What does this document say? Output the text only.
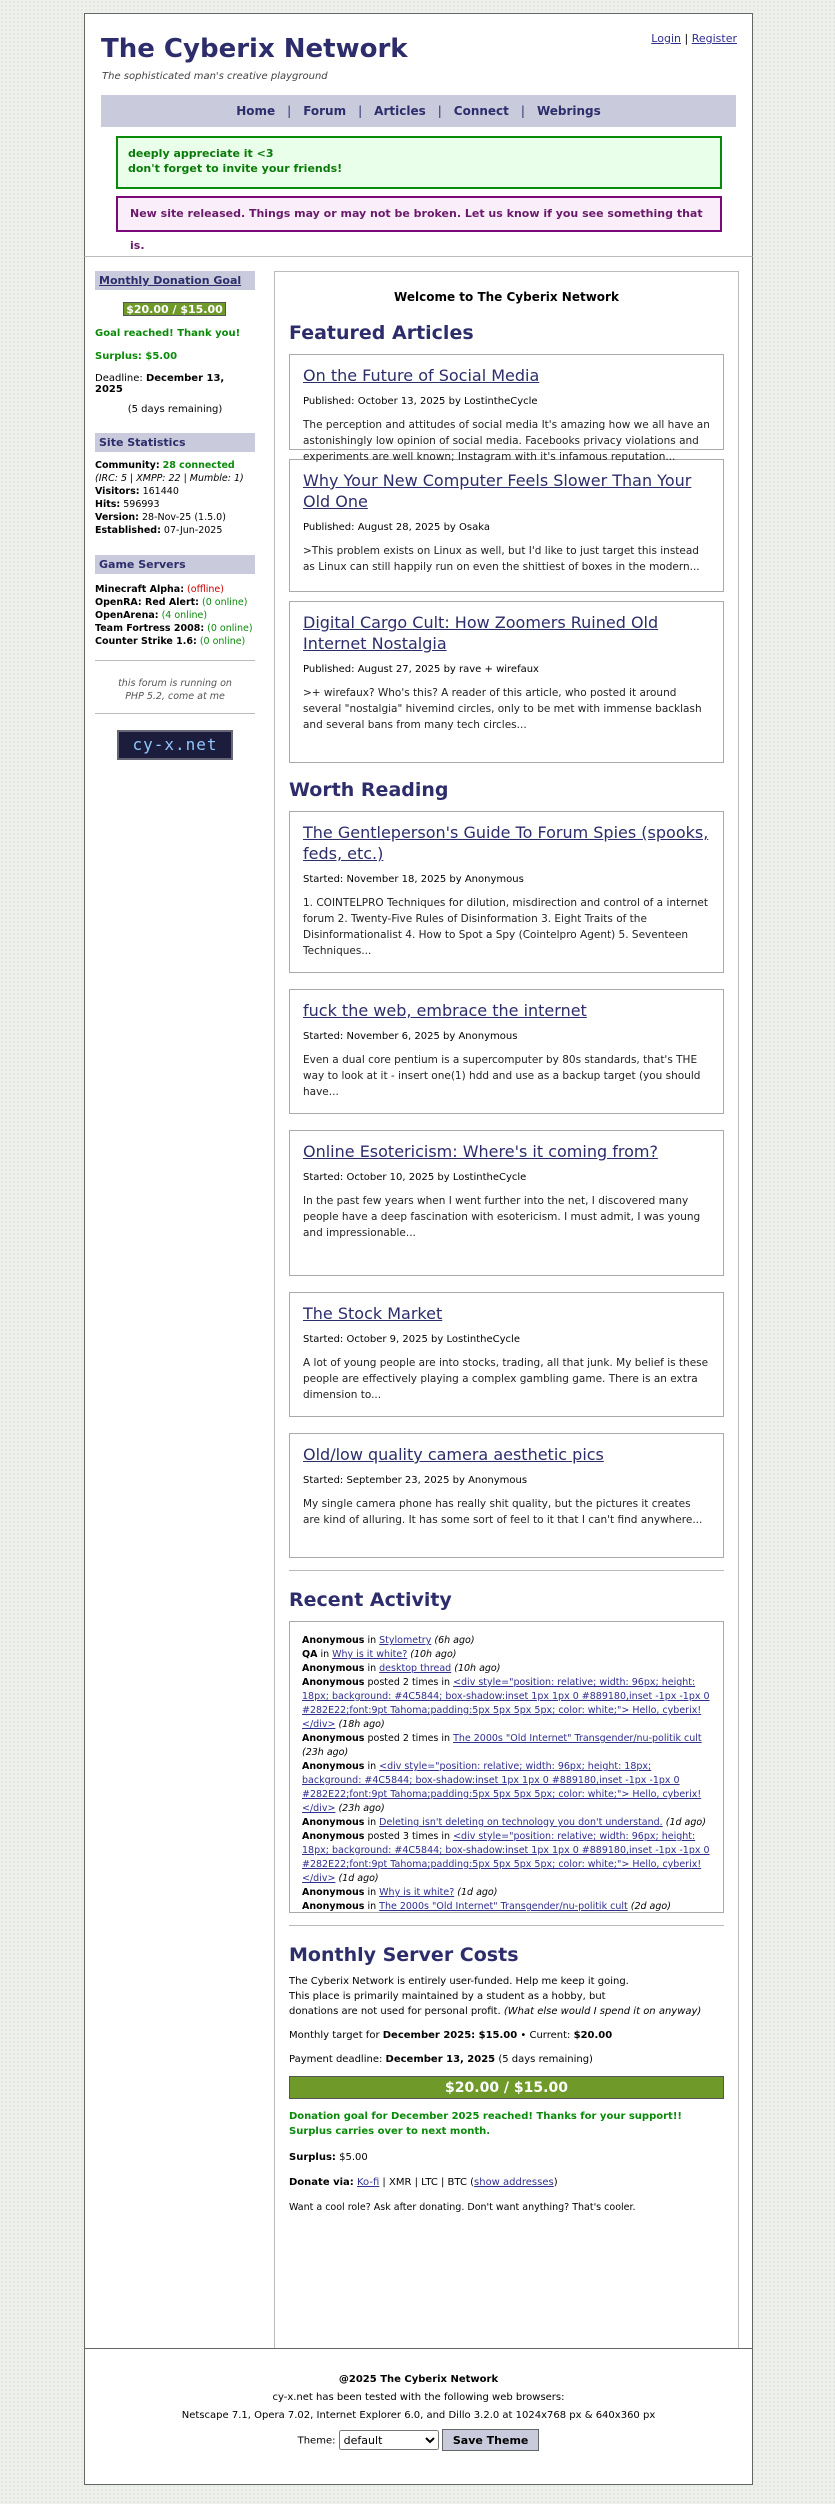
The Cyberix Network
The sophisticated man's creative playground
Login | Register
Home | Forum | Articles | Connect | Webrings
deeply appreciate it <3
don't forget to invite your friends!
New site released. Things may or may not be broken. Let us know if you see something that is.
Monthly Donation Goal
$20.00 / $15.00

Goal reached! Thank you!

Surplus: $5.00

Deadline: December 13, 2025

(5 days remaining)

Site Statistics
Community: 28 connected
(IRC: 5 | XMPP: 22 | Mumble: 1)
Visitors: 161440
Hits: 596993
Version: 28-Nov-25 (1.5.0)
Established: 07-Jun-2025
Game Servers
Minecraft Alpha: (offline)
OpenRA: Red Alert: (0 online)
OpenArena: (4 online)
Team Fortress 2008: (0 online)
Counter Strike 1.6: (0 online)
this forum is running on PHP 5.2, come at me
cy-x.net
Welcome to The Cyberix Network
Featured Articles
On the Future of Social Media
Published: October 13, 2025 by LostintheCycle
The perception and attitudes of social media It's amazing how we all have an astonishingly low opinion of social media. Facebooks privacy violations and experiments are well known; Instagram with it's infamous reputation...
Why Your New Computer Feels Slower Than Your Old One
Published: August 28, 2025 by Osaka
>This problem exists on Linux as well, but I'd like to just target this instead as Linux can still happily run on even the shittiest of boxes in the modern...
Digital Cargo Cult: How Zoomers Ruined Old Internet Nostalgia
Published: August 27, 2025 by rave + wirefaux
>+ wirefaux? Who's this? A reader of this article, who posted it around several "nostalgia" hivemind circles, only to be met with immense backlash and several bans from many tech circles...
Worth Reading
The Gentleperson's Guide To Forum Spies (spooks, feds, etc.)
Started: November 18, 2025 by Anonymous
1. COINTELPRO Techniques for dilution, misdirection and control of a internet forum 2. Twenty-Five Rules of Disinformation 3. Eight Traits of the Disinformationalist 4. How to Spot a Spy (Cointelpro Agent) 5. Seventeen Techniques...
fuck the web, embrace the internet
Started: November 6, 2025 by Anonymous
Even a dual core pentium is a supercomputer by 80s standards, that's THE way to look at it - insert one(1) hdd and use as a backup target (you should have...
Online Esotericism: Where's it coming from?
Started: October 10, 2025 by LostintheCycle
In the past few years when I went further into the net, I discovered many people have a deep fascination with esotericism. I must admit, I was young and impressionable...
The Stock Market
Started: October 9, 2025 by LostintheCycle
A lot of young people are into stocks, trading, all that junk. My belief is these people are effectively playing a complex gambling game. There is an extra dimension to...
Old/low quality camera aesthetic pics
Started: September 23, 2025 by Anonymous
My single camera phone has really shit quality, but the pictures it creates are kind of alluring. It has some sort of feel to it that I can't find anywhere...
Recent Activity
Anonymous in Stylometry (6h ago)
QA in Why is it white? (10h ago)
Anonymous in desktop thread (10h ago)
Anonymous posted 2 times in <div style="position: relative; width: 96px; height: 18px; background: #4C5844; box-shadow:inset 1px 1px 0 #889180,inset -1px -1px 0 #282E22;font:9pt Tahoma;padding:5px 5px 5px 5px; color: white;"> Hello, cyberix!</div> (18h ago)
Anonymous posted 2 times in The 2000s "Old Internet" Transgender/nu-politik cult (23h ago)
Anonymous in <div style="position: relative; width: 96px; height: 18px; background: #4C5844; box-shadow:inset 1px 1px 0 #889180,inset -1px -1px 0 #282E22;font:9pt Tahoma;padding:5px 5px 5px 5px; color: white;"> Hello, cyberix!</div> (23h ago)
Anonymous in Deleting isn't deleting on technology you don't understand. (1d ago)
Anonymous posted 3 times in <div style="position: relative; width: 96px; height: 18px; background: #4C5844; box-shadow:inset 1px 1px 0 #889180,inset -1px -1px 0 #282E22;font:9pt Tahoma;padding:5px 5px 5px 5px; color: white;"> Hello, cyberix!</div> (1d ago)
Anonymous in Why is it white? (1d ago)
Anonymous in The 2000s "Old Internet" Transgender/nu-politik cult (2d ago)
Monthly Server Costs
The Cyberix Network is entirely user-funded. Help me keep it going.
This place is primarily maintained by a student as a hobby, but
donations are not used for personal profit. (What else would I spend it on anyway)
Monthly target for December 2025: $15.00 • Current: $20.00
Payment deadline: December 13, 2025 (5 days remaining)
$20.00 / $15.00
Donation goal for December 2025 reached! Thanks for your support!! Surplus carries over to next month.
Surplus: $5.00
Donate via: Ko-fi | XMR | LTC | BTC (show addresses)
Want a cool role? Ask after donating. Don't want anything? That's cooler.
@2025 The Cyberix Network
cy-x.net has been tested with the following web browsers:
Netscape 7.1, Opera 7.02, Internet Explorer 6.0, and Dillo 3.2.0 at 1024x768 px & 640x360 px
Theme:
default	Save Theme
